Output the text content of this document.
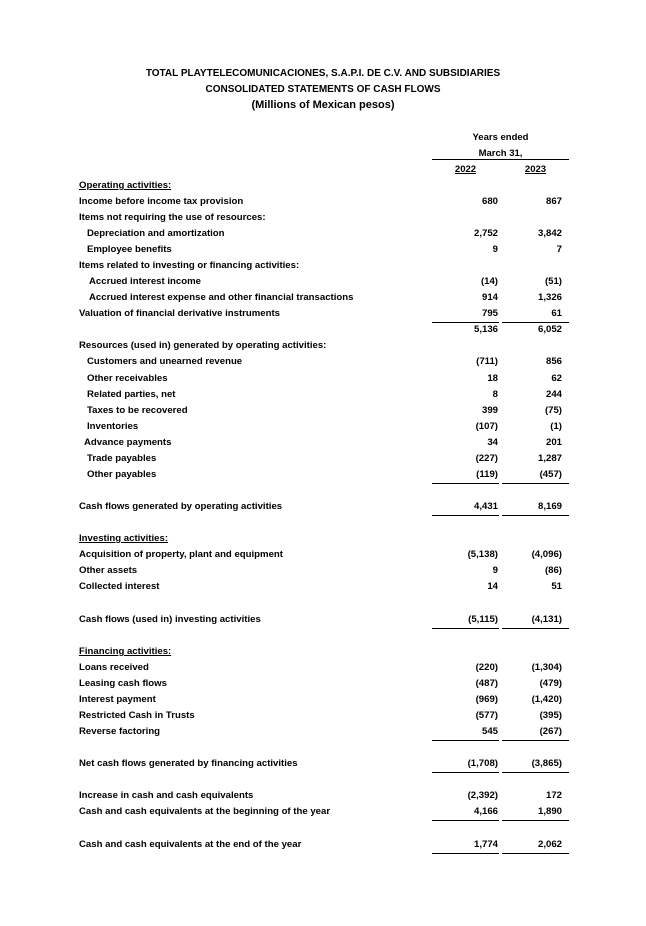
TOTAL PLAYTELECOMUNICACIONES, S.A.P.I. DE C.V. AND SUBSIDIARIES
CONSOLIDATED STATEMENTS OF CASH FLOWS
(Millions of Mexican pesos)
Years ended
March 31,
2022	2023
Operating activities:
Income before income tax provision	680	867
Items not requiring the use of resources:
Depreciation and amortization	2,752	3,842
Employee benefits	9	7
Items related to investing or financing activities:
Accrued interest income	(14)	(51)
Accrued interest expense and other financial transactions	914	1,326
Valuation of financial derivative instruments	795	61
5,136	6,052
Resources (used in) generated by operating activities:
Customers and unearned revenue	(711)	856
Other receivables	18	62
Related parties, net	8	244
Taxes to be recovered	399	(75)
Inventories	(107)	(1)
Advance payments	34	201
Trade payables	(227)	1,287
Other payables	(119)	(457)
Cash flows generated by operating activities	4,431	8,169
Investing activities:
Acquisition of property, plant and equipment	(5,138)	(4,096)
Other assets	9	(86)
Collected interest	14	51
Cash flows (used in) investing activities	(5,115)	(4,131)
Financing activities:
Loans received	(220)	(1,304)
Leasing cash flows	(487)	(479)
Interest payment	(969)	(1,420)
Restricted Cash in Trusts	(577)	(395)
Reverse factoring	545	(267)
Net cash flows generated by financing activities	(1,708)	(3,865)
Increase in cash and cash equivalents	(2,392)	172
Cash and cash equivalents at the beginning of the year	4,166	1,890
Cash and cash equivalents at the end of the year	1,774	2,062
